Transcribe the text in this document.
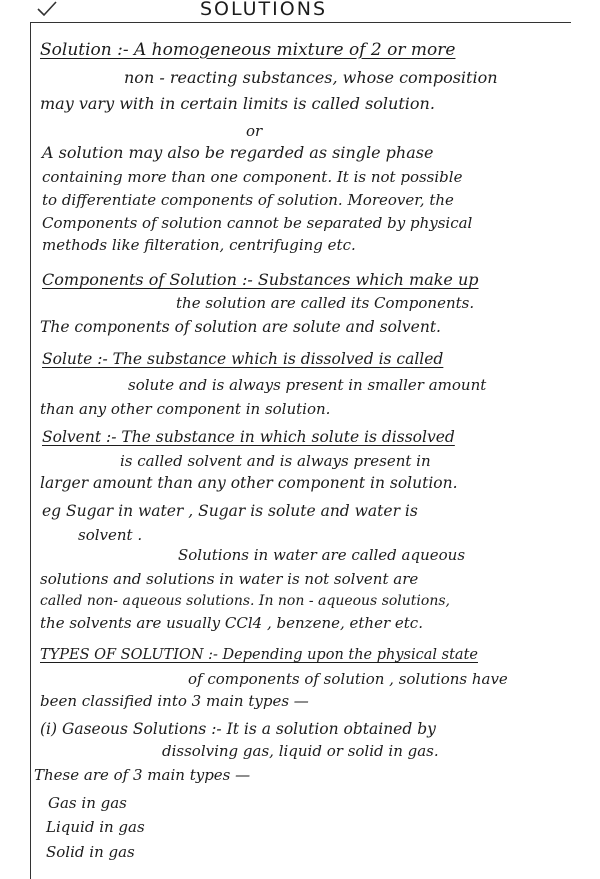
SOLUTIONS
Solution :- A homogeneous mixture of 2 or more
non - reacting substances, whose composition
may vary with in certain limits is called solution.
or
A solution may also be regarded as single phase
containing more than one component. It is not possible
to differentiate components of solution. Moreover, the
Components of solution cannot be separated by physical
methods like filteration, centrifuging etc.
Components of Solution :- Substances which make up
the solution are called its Components.
The components of solution are solute and solvent.
Solute :- The substance which is dissolved is called
solute and is always present in smaller amount
than any other component in solution.
Solvent :- The substance in which solute is dissolved
is called solvent and is always present in
larger amount than any other component in solution.
eg Sugar in water , Sugar is solute and water is
solvent .
Solutions in water are called aqueous
solutions and solutions in water is not solvent are
called non- aqueous solutions. In non - aqueous solutions,
the solvents are usually CCl4 , benzene, ether etc.
TYPES OF SOLUTION :- Depending upon the physical state
of components of solution , solutions have
been classified into 3 main types —
(i) Gaseous Solutions :- It is a solution obtained by
dissolving gas, liquid or solid in gas.
These are of 3 main types —
Gas in gas
Liquid in gas
Solid in gas
